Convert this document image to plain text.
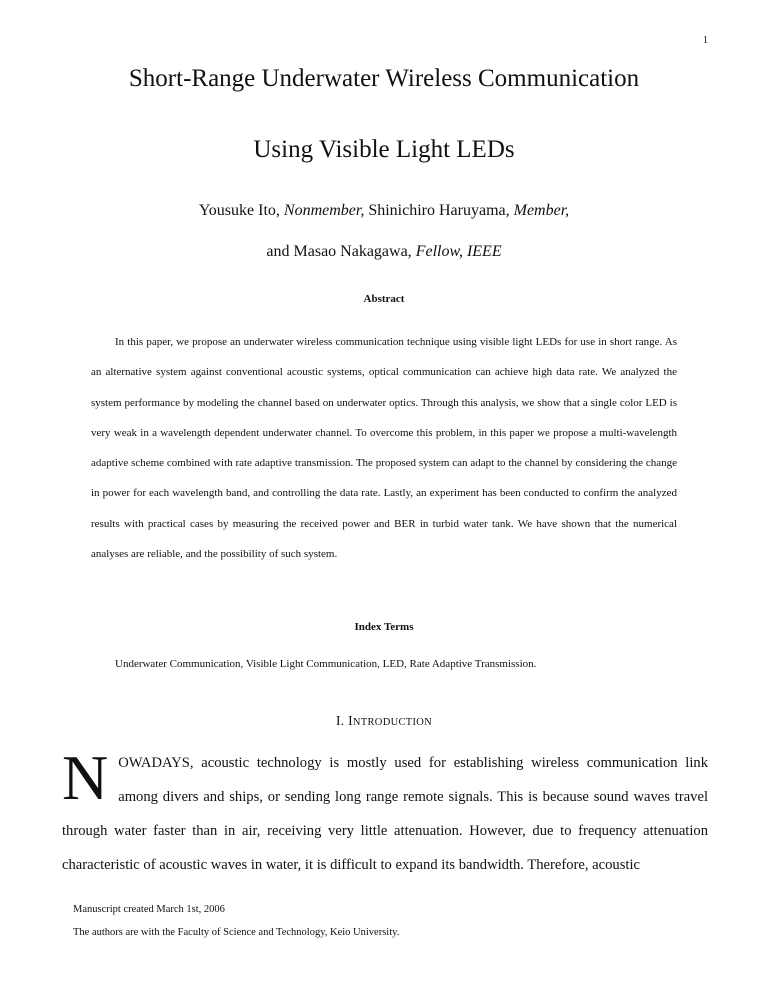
1
Short-Range Underwater Wireless Communication
Using Visible Light LEDs
Yousuke Ito, Nonmember, Shinichiro Haruyama, Member,
and Masao Nakagawa, Fellow, IEEE
Abstract

In this paper, we propose an underwater wireless communication technique using visible light LEDs for use in short range. As an alternative system against conventional acoustic systems, optical communication can achieve high data rate. We analyzed the system performance by modeling the channel based on underwater optics. Through this analysis, we show that a single color LED is very weak in a wavelength dependent underwater channel. To overcome this problem, in this paper we propose a multi-wavelength adaptive scheme combined with rate adaptive transmission. The proposed system can adapt to the channel by considering the change in power for each wavelength band, and controlling the data rate. Lastly, an experiment has been conducted to confirm the analyzed results with practical cases by measuring the received power and BER in turbid water tank. We have shown that the numerical analyses are reliable, and the possibility of such system.

Index Terms
Underwater Communication, Visible Light Communication, LED, Rate Adaptive Transmission.
I. INTRODUCTION

NOWADAYS, acoustic technology is mostly used for establishing wireless communication link among divers and ships, or sending long range remote signals. This is because sound waves travel through water faster than in air, receiving very little attenuation. However, due to frequency attenuation characteristic of acoustic waves in water, it is difficult to expand its bandwidth. Therefore, acoustic

Manuscript created March 1st, 2006
The authors are with the Faculty of Science and Technology, Keio University.
